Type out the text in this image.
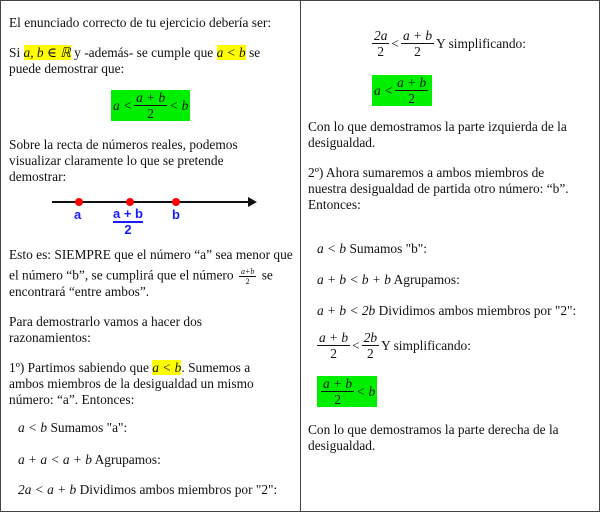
El enunciado correcto de tu ejercicio debería ser:
Si a, b ∈ ℝ y -además- se cumple que a < b se
puede demostrar que:
$a < \frac{a + b}{2} < b$
Sobre la recta de números reales, podemos
visualizar claramente lo que se pretende
demostrar:
a $\frac{a + b}{2}$ b
Esto es: SIEMPRE que el número “a” sea menor que
el número “b”, se cumplirá que el número $\frac{a+b}{2}$ se
encontrará “entre ambos”.
Para demostrarlo vamos a hacer dos
razonamientos:
1º) Partimos sabiendo que a < b. Sumemos a
ambos miembros de la desigualdad un mismo
número: “a”. Entonces:
a < b Sumamos "a":
a + a < a + b Agrupamos:
2a < a + b Dividimos ambos miembros por "2":
$\frac{2a}{2} < \frac{a + b}{2}$ Y simplificando:
$a < \frac{a + b}{2}$
Con lo que demostramos la parte izquierda de la
desigualdad.
2º) Ahora sumaremos a ambos miembros de
nuestra desigualdad de partida otro número: “b”.
Entonces:
a < b Sumamos "b":
a + b < b + b Agrupamos:
a + b < 2b Dividimos ambos miembros por "2":
$\frac{a + b}{2} < \frac{2b}{2}$ Y simplificando:
$\frac{a + b}{2} < b$
Con lo que demostramos la parte derecha de la
desigualdad.
